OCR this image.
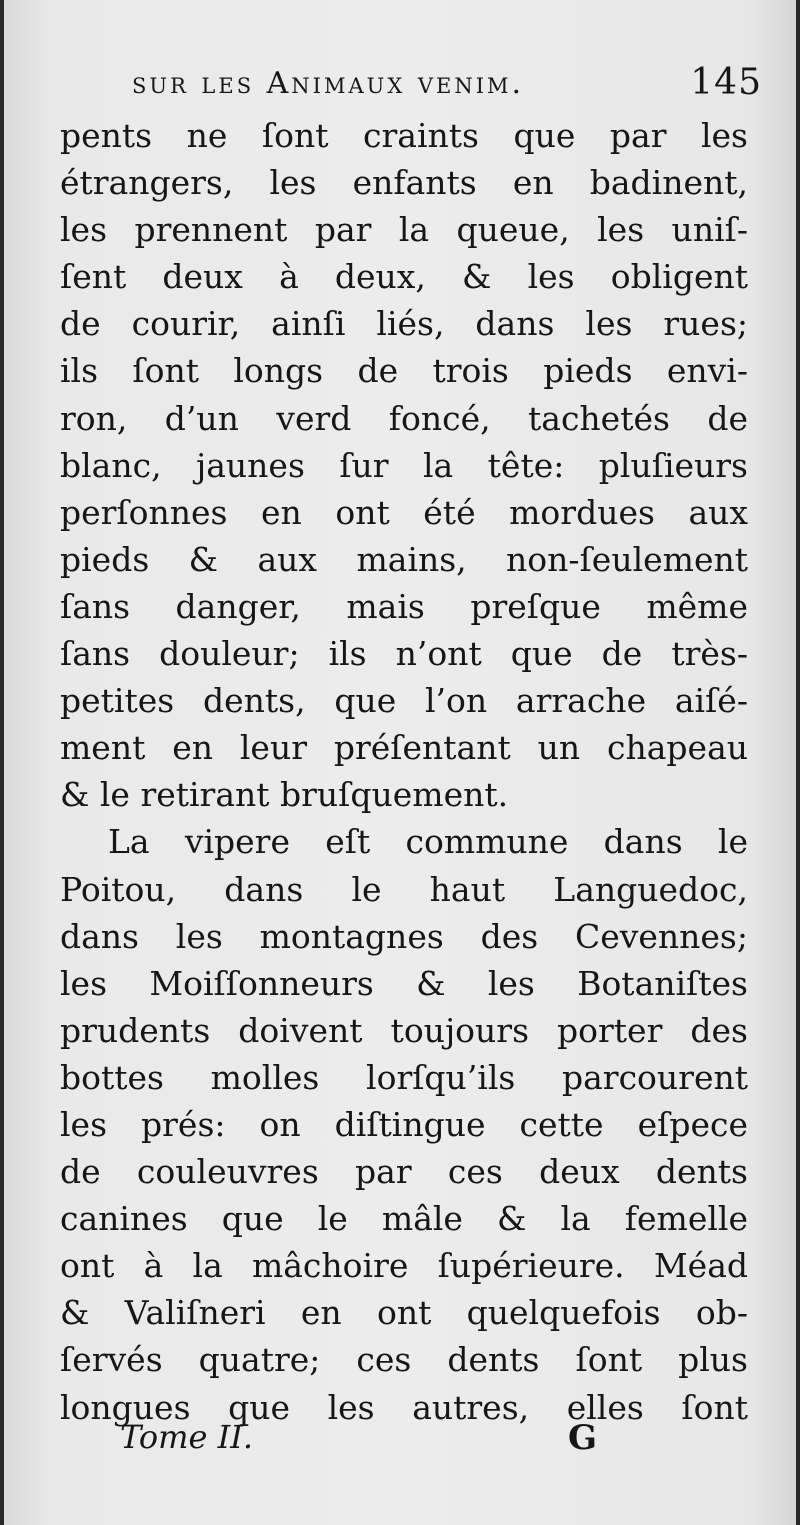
sur les Animaux venim.	145
pents ne ſont craints que par les
étrangers, les enfants en badinent,
les prennent par la queue, les uniſ-
ſent deux à deux, & les obligent
de courir, ainſi liés, dans les rues;
ils ſont longs de trois pieds envi-
ron, d’un verd foncé, tachetés de
blanc, jaunes ſur la tête: pluſieurs
perſonnes en ont été mordues aux
pieds & aux mains, non-ſeulement
ſans danger, mais preſque même
ſans douleur; ils n’ont que de très-
petites dents, que l’on arrache aiſé-
ment en leur préſentant un chapeau
& le retirant bruſquement.
La vipere eſt commune dans le
Poitou, dans le haut Languedoc,
dans les montagnes des Cevennes;
les Moiſſonneurs & les Botaniſtes
prudents doivent toujours porter des
bottes molles lorſqu’ils parcourent
les prés: on diſtingue cette eſpece
de couleuvres par ces deux dents
canines que le mâle & la femelle
ont à la mâchoire ſupérieure. Méad
& Valiſneri en ont quelquefois ob-
ſervés quatre; ces dents ſont plus
longues que les autres, elles ſont
Tome II.	G
